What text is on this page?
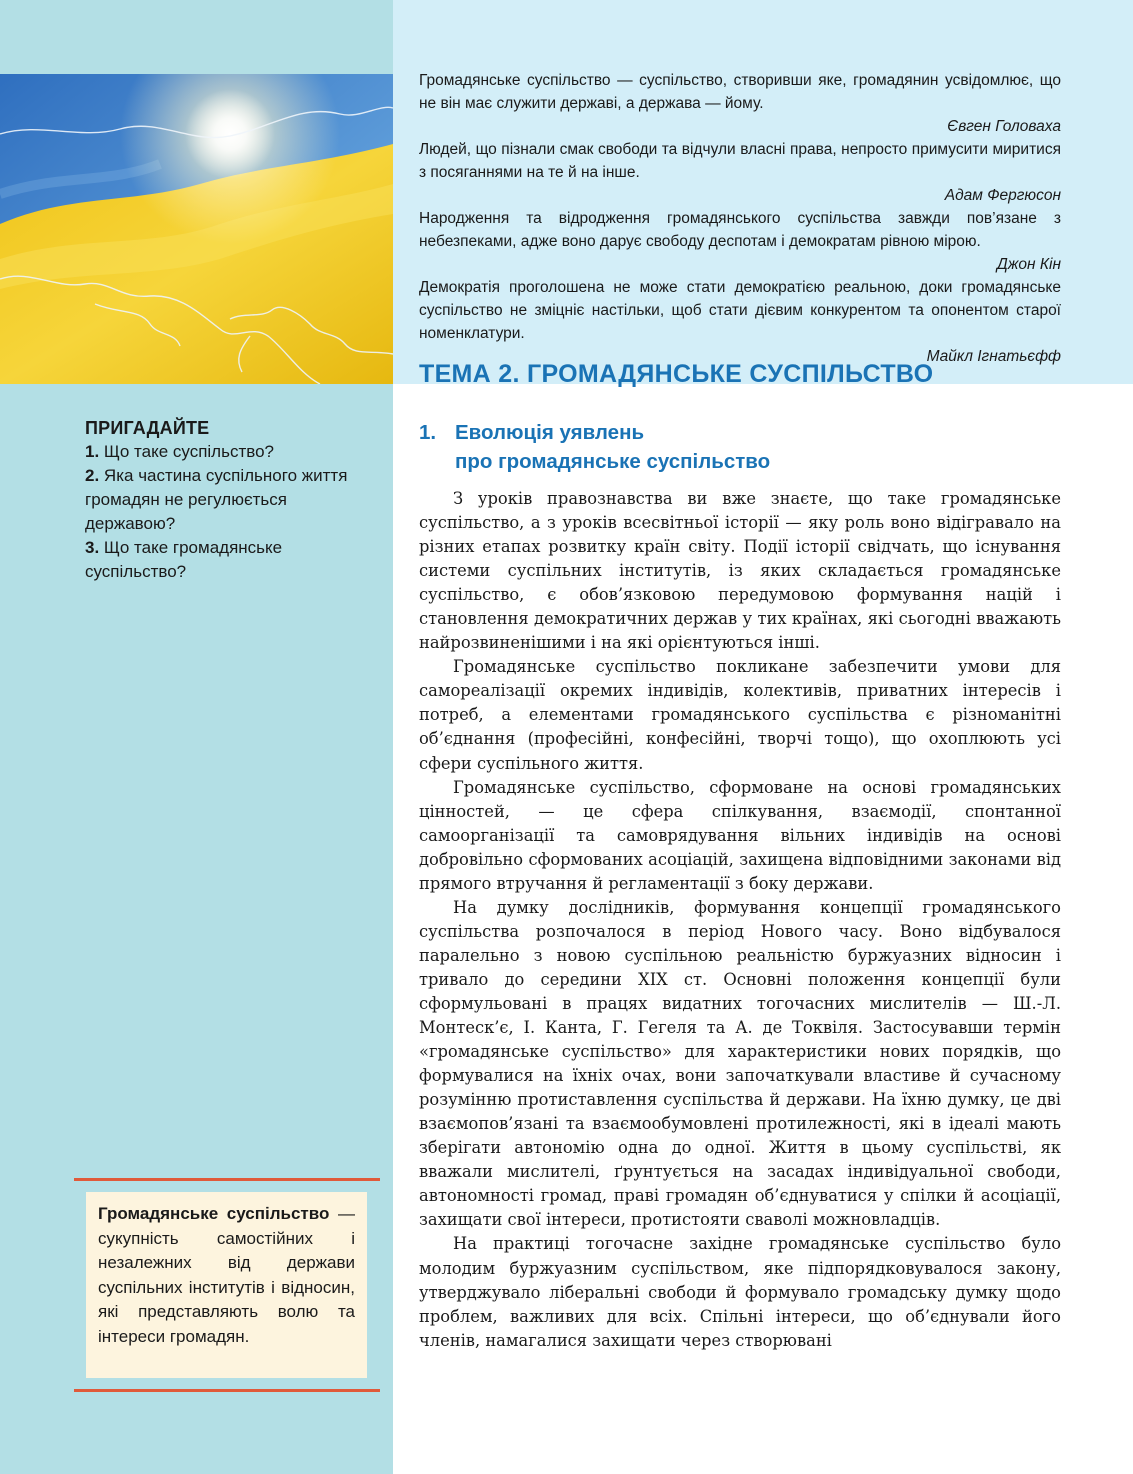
Громадянське суспільство — суспільство, створивши яке, громадянин усвідомлює, що не він має служити державі, а держава — йому.

Євген Головаха

Людей, що пізнали смак свободи та відчули власні права, непросто примусити миритися з посяганнями на те й на інше.

Адам Фергюсон

Народження та відродження громадянського суспільства завжди пов’язане з небезпеками, адже воно дарує свободу деспотам і демократам рівною мірою.

Джон Кін

Демократія проголошена не може стати демократією реальною, доки громадянське суспільство не зміцніє настільки, щоб стати дієвим конкурентом та опонентом старої номенклатури.

Майкл Ігнатьєфф

ТЕМА 2. ГРОМАДЯНСЬКЕ СУСПІЛЬСТВО
ПРИГАДАЙТЕ

1. Що таке суспільство?

2. Яка частина суспільного життя громадян не регулюється державою?

3. Що таке громадянське суспільство?

Громадянське суспільство — сукупність самостійних і незалежних від держави суспільних інститутів і відносин, які представляють волю та інтереси громадян.
1. Еволюція уявлень
про громадянське суспільство

З уроків правознавства ви вже знаєте, що таке громадянське суспільство, а з уроків всесвітньої історії — яку роль воно відігравало на різних етапах розвитку країн світу. Події історії свідчать, що існування системи суспільних інститутів, із яких складається громадянське суспільство, є обов’язковою передумовою формування націй і становлення демократичних держав у тих країнах, які сьогодні вважають найрозвиненішими і на які орієнтуються інші.

Громадянське суспільство покликане забезпечити умови для самореалізації окремих індивідів, колективів, приватних інтересів і потреб, а елементами громадянського суспільства є різноманітні об’єднання (професійні, конфесійні, творчі тощо), що охоплюють усі сфери суспільного життя.

Громадянське суспільство, сформоване на основі громадянських цінностей, — це сфера спілкування, взаємодії, спонтанної самоорганізації та самоврядування вільних індивідів на основі добровільно сформованих асоціацій, захищена відповідними законами від прямого втручання й регламентації з боку держави.

На думку дослідників, формування концепції громадянського суспільства розпочалося в період Нового часу. Воно відбувалося паралельно з новою суспільною реальністю буржуазних відносин і тривало до середини XIX ст. Основні положення концепції були сформульовані в працях видатних тогочасних мислителів — Ш.-Л. Монтеск’є, І. Канта, Г. Гегеля та А. де Токвіля. Застосувавши термін «громадянське суспільство» для характеристики нових порядків, що формувалися на їхніх очах, вони започаткували властиве й сучасному розумінню протиставлення суспільства й держави. На їхню думку, це дві взаємопов’язані та взаємообумовлені протилежності, які в ідеалі мають зберігати автономію одна до одної. Життя в цьому суспільстві, як вважали мислителі, ґрунтується на засадах індивідуальної свободи, автономності громад, праві громадян об’єднуватися у спілки й асоціації, захищати свої інтереси, протистояти сваволі можновладців.

На практиці тогочасне західне громадянське суспільство було молодим буржуазним суспільством, яке підпорядковувалося закону, утверджувало ліберальні свободи й формувало громадську думку щодо проблем, важливих для всіх. Спільні інтереси, що об’єднували його членів, намагалися захищати через створювані
